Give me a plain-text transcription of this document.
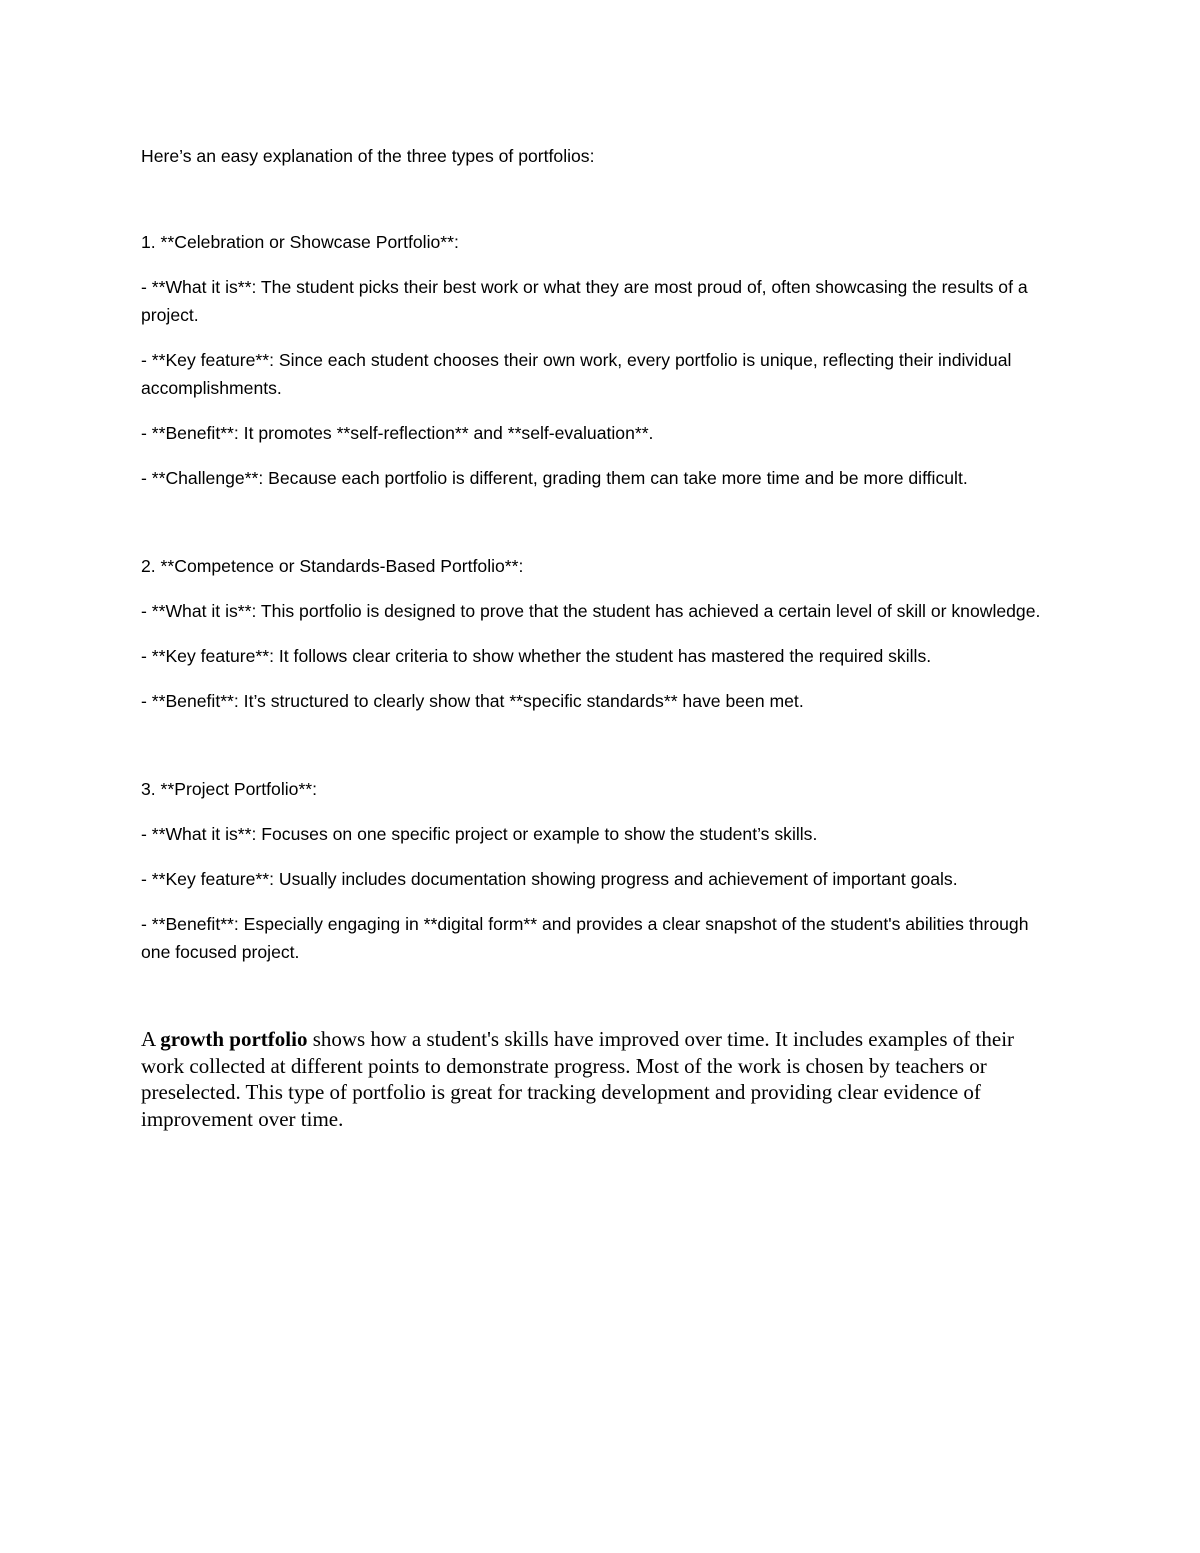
Here’s an easy explanation of the three types of portfolios:

1. **Celebration or Showcase Portfolio**:

- **What it is**: The student picks their best work or what they are most proud of, often showcasing the results of a project.

- **Key feature**: Since each student chooses their own work, every portfolio is unique, reflecting their individual accomplishments.

- **Benefit**: It promotes **self-reflection** and **self-evaluation**.

- **Challenge**: Because each portfolio is different, grading them can take more time and be more difficult.

2. **Competence or Standards-Based Portfolio**:

- **What it is**: This portfolio is designed to prove that the student has achieved a certain level of skill or knowledge.

- **Key feature**: It follows clear criteria to show whether the student has mastered the required skills.

- **Benefit**: It’s structured to clearly show that **specific standards** have been met.

3. **Project Portfolio**:

- **What it is**: Focuses on one specific project or example to show the student’s skills.

- **Key feature**: Usually includes documentation showing progress and achievement of important goals.

- **Benefit**: Especially engaging in **digital form** and provides a clear snapshot of the student's abilities through one focused project.

A growth portfolio shows how a student's skills have improved over time. It includes examples of their work collected at different points to demonstrate progress. Most of the work is chosen by teachers or preselected. This type of portfolio is great for tracking development and providing clear evidence of improvement over time.
